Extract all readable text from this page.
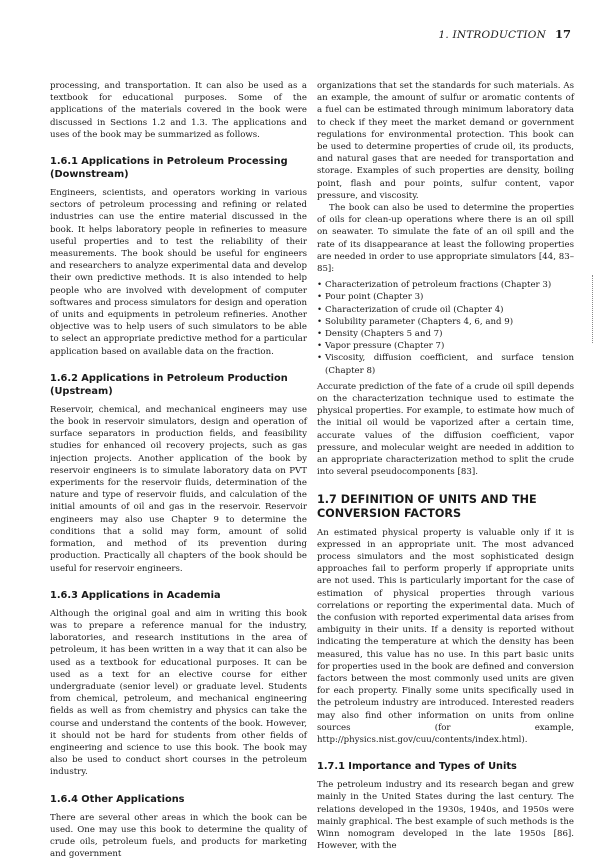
1. INTRODUCTION 17

processing, and transportation. It can also be used as a textbook for educational purposes. Some of the applications of the materials covered in the book were discussed in Sections 1.2 and 1.3. The applications and uses of the book may be summarized as follows.

1.6.1 Applications in Petroleum Processing (Downstream)

Engineers, scientists, and operators working in various sectors of petroleum processing and refining or related industries can use the entire material discussed in the book. It helps laboratory people in refineries to measure useful properties and to test the reliability of their measurements. The book should be useful for engineers and researchers to analyze experimental data and develop their own predictive methods. It is also intended to help people who are involved with development of computer softwares and process simulators for design and operation of units and equipments in petroleum refineries. Another objective was to help users of such simulators to be able to select an appropriate predictive method for a particular application based on available data on the fraction.

1.6.2 Applications in Petroleum Production (Upstream)

Reservoir, chemical, and mechanical engineers may use the book in reservoir simulators, design and operation of surface separators in production fields, and feasibility studies for enhanced oil recovery projects, such as gas injection projects. Another application of the book by reservoir engineers is to simulate laboratory data on PVT experiments for the reservoir fluids, determination of the nature and type of reservoir fluids, and calculation of the initial amounts of oil and gas in the reservoir. Reservoir engineers may also use Chapter 9 to determine the conditions that a solid may form, amount of solid formation, and method of its prevention during production. Practically all chapters of the book should be useful for reservoir engineers.

1.6.3 Applications in Academia

Although the original goal and aim in writing this book was to prepare a reference manual for the industry, laboratories, and research institutions in the area of petroleum, it has been written in a way that it can also be used as a textbook for educational purposes. It can be used as a text for an elective course for either undergraduate (senior level) or graduate level. Students from chemical, petroleum, and mechanical engineering fields as well as from chemistry and physics can take the course and understand the contents of the book. However, it should not be hard for students from other fields of engineering and science to use this book. The book may also be used to conduct short courses in the petroleum industry.

1.6.4 Other Applications

There are several other areas in which the book can be used. One may use this book to determine the quality of crude oils, petroleum fuels, and products for marketing and government

organizations that set the standards for such materials. As an example, the amount of sulfur or aromatic contents of a fuel can be estimated through minimum laboratory data to check if they meet the market demand or government regulations for environmental protection. This book can be used to determine properties of crude oil, its products, and natural gases that are needed for transportation and storage. Examples of such properties are density, boiling point, flash and pour points, sulfur content, vapor pressure, and viscosity.

The book can also be used to determine the properties of oils for clean-up operations where there is an oil spill on seawater. To simulate the fate of an oil spill and the rate of its disappearance at least the following properties are needed in order to use appropriate simulators [44, 83–85]:

• Characterization of petroleum fractions (Chapter 3)
• Pour point (Chapter 3)
• Characterization of crude oil (Chapter 4)
• Solubility parameter (Chapters 4, 6, and 9)
• Density (Chapters 5 and 7)
• Vapor pressure (Chapter 7)
• Viscosity, diffusion coefficient, and surface tension (Chapter 8)

Accurate prediction of the fate of a crude oil spill depends on the characterization technique used to estimate the physical properties. For example, to estimate how much of the initial oil would be vaporized after a certain time, accurate values of the diffusion coefficient, vapor pressure, and molecular weight are needed in addition to an appropriate characterization method to split the crude into several pseudocomponents [83].

1.7 DEFINITION OF UNITS AND THE CONVERSION FACTORS

An estimated physical property is valuable only if it is expressed in an appropriate unit. The most advanced process simulators and the most sophisticated design approaches fail to perform properly if appropriate units are not used. This is particularly important for the case of estimation of physical properties through various correlations or reporting the experimental data. Much of the confusion with reported experimental data arises from ambiguity in their units. If a density is reported without indicating the temperature at which the density has been measured, this value has no use. In this part basic units for properties used in the book are defined and conversion factors between the most commonly used units are given for each property. Finally some units specifically used in the petroleum industry are introduced. Interested readers may also find other information on units from online sources (for example, http://physics.nist.gov/cuu/contents/index.html).

1.7.1 Importance and Types of Units

The petroleum industry and its research began and grew mainly in the United States during the last century. The relations developed in the 1930s, 1940s, and 1950s were mainly graphical. The best example of such methods is the Winn nomogram developed in the late 1950s [86]. However, with the
